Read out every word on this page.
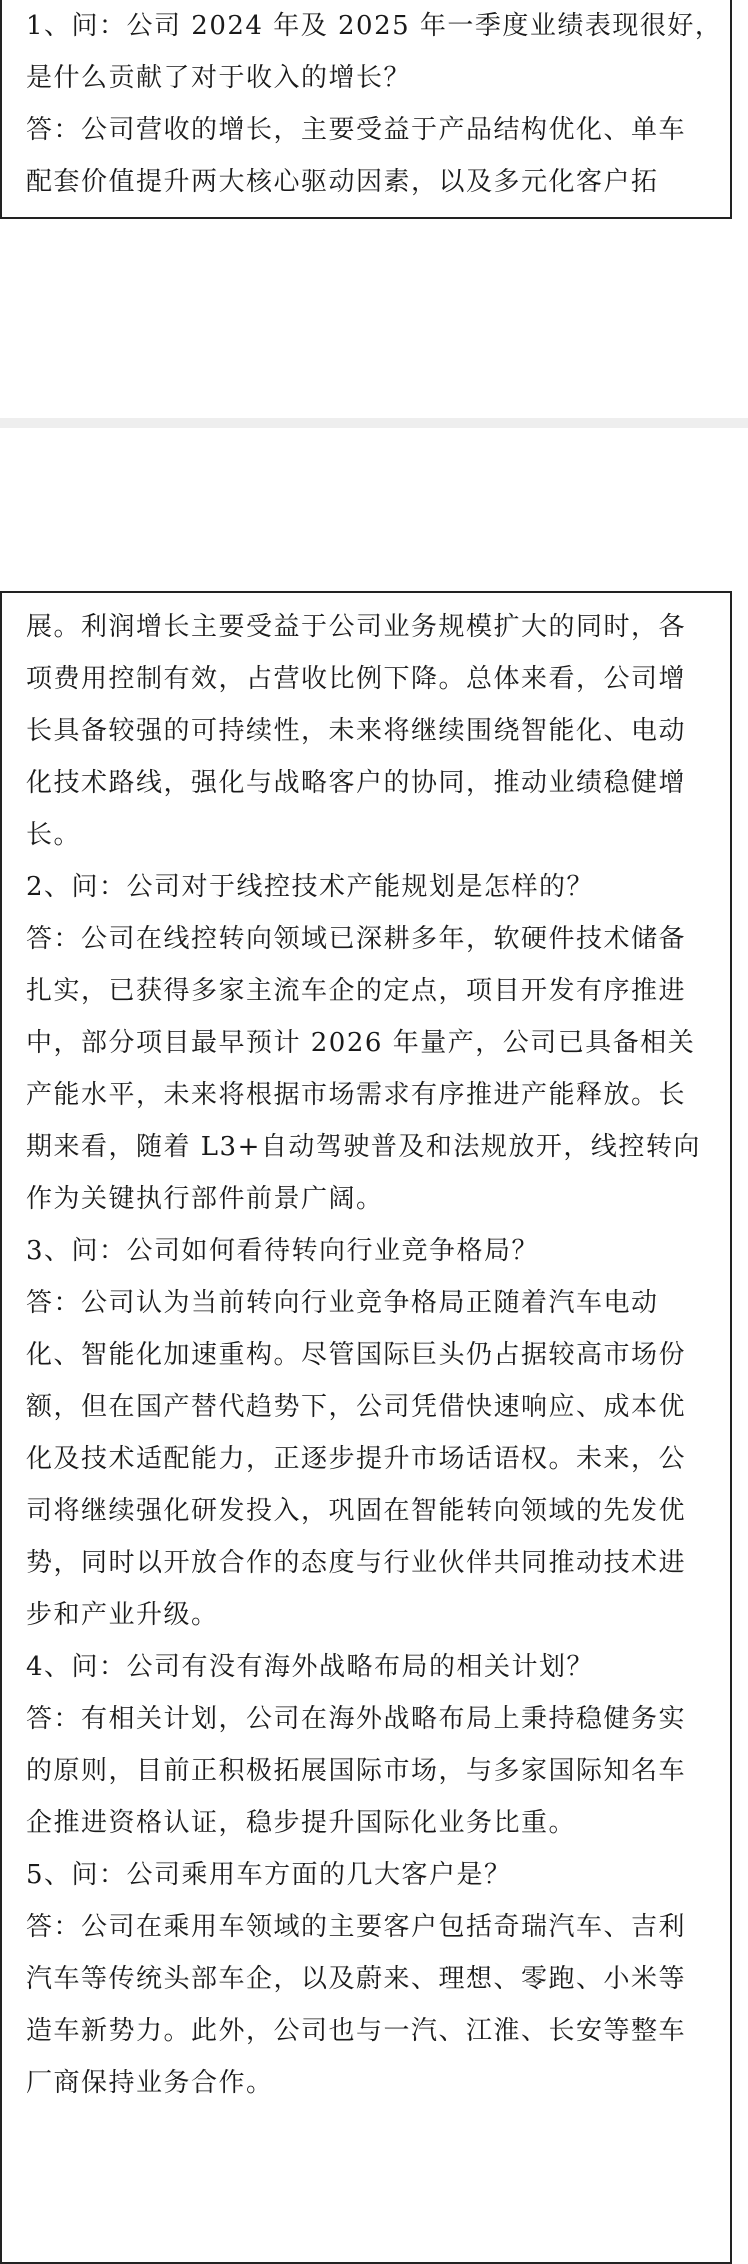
1、问：公司 2024 年及 2025 年一季度业绩表现很好，
是什么贡献了对于收入的增长？
答：公司营收的增长，主要受益于产品结构优化、单车
配套价值提升两大核心驱动因素，以及多元化客户拓
展。利润增长主要受益于公司业务规模扩大的同时，各
项费用控制有效，占营收比例下降。总体来看，公司增
长具备较强的可持续性，未来将继续围绕智能化、电动
化技术路线，强化与战略客户的协同，推动业绩稳健增
长。
2、问：公司对于线控技术产能规划是怎样的？
答：公司在线控转向领域已深耕多年，软硬件技术储备
扎实，已获得多家主流车企的定点，项目开发有序推进
中，部分项目最早预计 2026 年量产，公司已具备相关
产能水平，未来将根据市场需求有序推进产能释放。长
期来看，随着 L3+自动驾驶普及和法规放开，线控转向
作为关键执行部件前景广阔。
3、问：公司如何看待转向行业竞争格局？
答：公司认为当前转向行业竞争格局正随着汽车电动
化、智能化加速重构。尽管国际巨头仍占据较高市场份
额，但在国产替代趋势下，公司凭借快速响应、成本优
化及技术适配能力，正逐步提升市场话语权。未来，公
司将继续强化研发投入，巩固在智能转向领域的先发优
势，同时以开放合作的态度与行业伙伴共同推动技术进
步和产业升级。
4、问：公司有没有海外战略布局的相关计划？
答：有相关计划，公司在海外战略布局上秉持稳健务实
的原则，目前正积极拓展国际市场，与多家国际知名车
企推进资格认证，稳步提升国际化业务比重。
5、问：公司乘用车方面的几大客户是？
答：公司在乘用车领域的主要客户包括奇瑞汽车、吉利
汽车等传统头部车企，以及蔚来、理想、零跑、小米等
造车新势力。此外，公司也与一汽、江淮、长安等整车
厂商保持业务合作。
